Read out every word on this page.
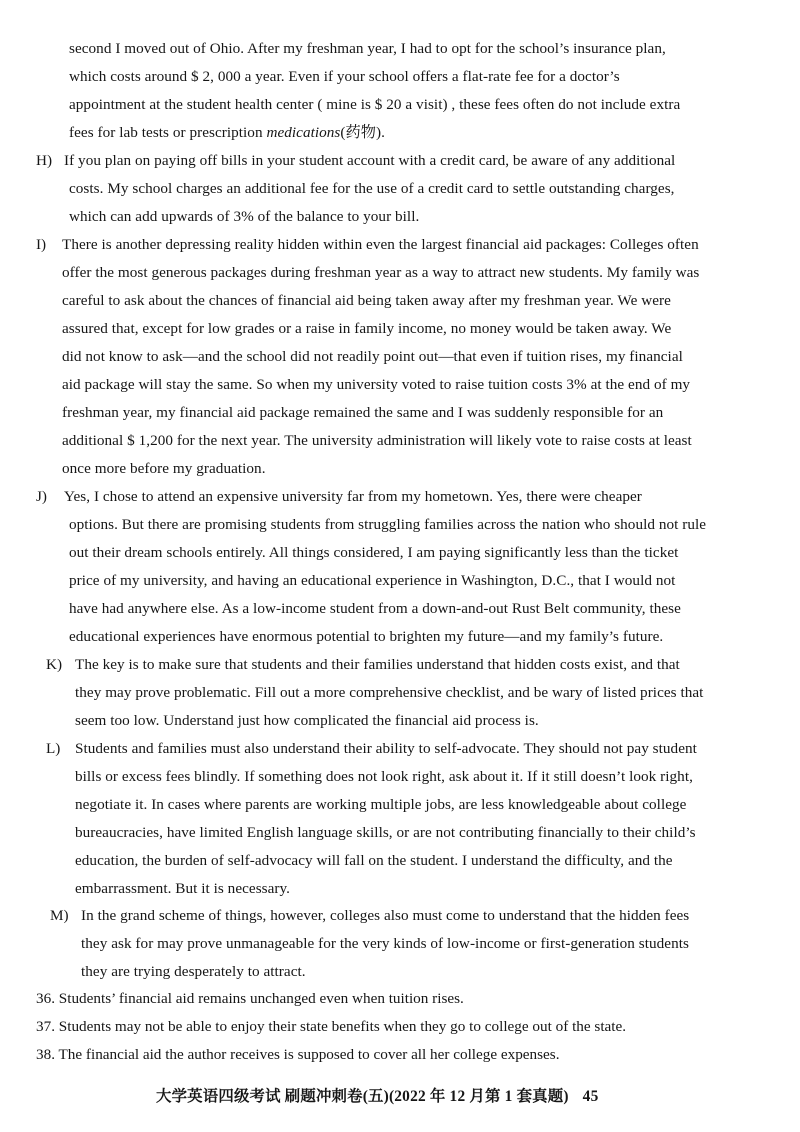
second I moved out of Ohio. After my freshman year, I had to opt for the school’s insurance plan,
which costs around $ 2, 000 a year. Even if your school offers a flat-rate fee for a doctor’s
appointment at the student health center ( mine is $ 20 a visit) , these fees often do not include extra
fees for lab tests or prescription medications(药物).
H) If you plan on paying off bills in your student account with a credit card, be aware of any additional
costs. My school charges an additional fee for the use of a credit card to settle outstanding charges,
which can add upwards of 3% of the balance to your bill.
I) There is another depressing reality hidden within even the largest financial aid packages: Colleges often
offer the most generous packages during freshman year as a way to attract new students. My family was
careful to ask about the chances of financial aid being taken away after my freshman year. We were
assured that, except for low grades or a raise in family income, no money would be taken away. We
did not know to ask—and the school did not readily point out—that even if tuition rises, my financial
aid package will stay the same. So when my university voted to raise tuition costs 3% at the end of my
freshman year, my financial aid package remained the same and I was suddenly responsible for an
additional $ 1,200 for the next year. The university administration will likely vote to raise costs at least
once more before my graduation.
J) Yes, I chose to attend an expensive university far from my hometown. Yes, there were cheaper
options. But there are promising students from struggling families across the nation who should not rule
out their dream schools entirely. All things considered, I am paying significantly less than the ticket
price of my university, and having an educational experience in Washington, D.C., that I would not
have had anywhere else. As a low-income student from a down-and-out Rust Belt community, these
educational experiences have enormous potential to brighten my future—and my family’s future.
K) The key is to make sure that students and their families understand that hidden costs exist, and that
they may prove problematic. Fill out a more comprehensive checklist, and be wary of listed prices that
seem too low. Understand just how complicated the financial aid process is.
L) Students and families must also understand their ability to self-advocate. They should not pay student
bills or excess fees blindly. If something does not look right, ask about it. If it still doesn’t look right,
negotiate it. In cases where parents are working multiple jobs, are less knowledgeable about college
bureaucracies, have limited English language skills, or are not contributing financially to their child’s
education, the burden of self-advocacy will fall on the student. I understand the difficulty, and the
embarrassment. But it is necessary.
M) In the grand scheme of things, however, colleges also must come to understand that the hidden fees
they ask for may prove unmanageable for the very kinds of low-income or first-generation students
they are trying desperately to attract.
36. Students’ financial aid remains unchanged even when tuition rises.
37. Students may not be able to enjoy their state benefits when they go to college out of the state.
38. The financial aid the author receives is supposed to cover all her college expenses.
大学英语四级考试 刷题冲刺卷(五)(2022 年 12 月第 1 套真题) 45
